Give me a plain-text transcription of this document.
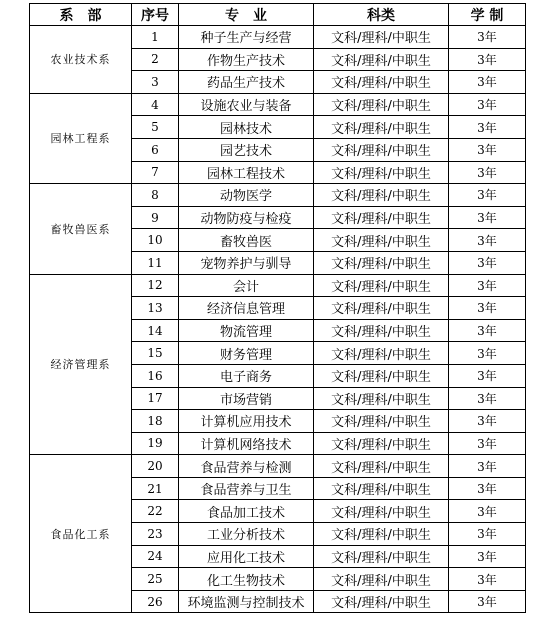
系　部	序号	专　业	科类	学 制
农业技术系	1	种子生产与经营	文科/理科/中职生	3年
	2	作物生产技术	文科/理科/中职生	3年
	3	药品生产技术	文科/理科/中职生	3年
园林工程系	4	设施农业与装备	文科/理科/中职生	3年
	5	园林技术	文科/理科/中职生	3年
	6	园艺技术	文科/理科/中职生	3年
	7	园林工程技术	文科/理科/中职生	3年
畜牧兽医系	8	动物医学	文科/理科/中职生	3年
	9	动物防疫与检疫	文科/理科/中职生	3年
	10	畜牧兽医	文科/理科/中职生	3年
	11	宠物养护与驯导	文科/理科/中职生	3年
经济管理系	12	会计	文科/理科/中职生	3年
	13	经济信息管理	文科/理科/中职生	3年
	14	物流管理	文科/理科/中职生	3年
	15	财务管理	文科/理科/中职生	3年
	16	电子商务	文科/理科/中职生	3年
	17	市场营销	文科/理科/中职生	3年
	18	计算机应用技术	文科/理科/中职生	3年
	19	计算机网络技术	文科/理科/中职生	3年
食品化工系	20	食品营养与检测	文科/理科/中职生	3年
	21	食品营养与卫生	文科/理科/中职生	3年
	22	食品加工技术	文科/理科/中职生	3年
	23	工业分析技术	文科/理科/中职生	3年
	24	应用化工技术	文科/理科/中职生	3年
	25	化工生物技术	文科/理科/中职生	3年
	26	环境监测与控制技术	文科/理科/中职生	3年
